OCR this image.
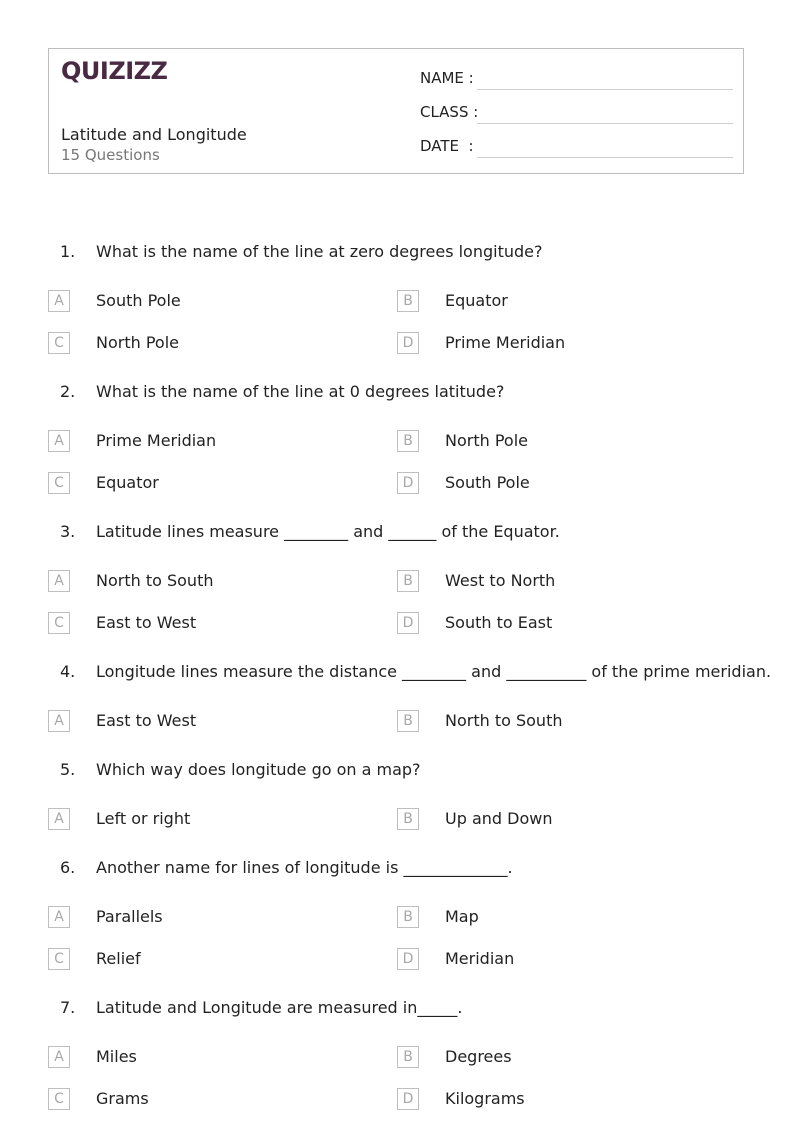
QUIZIZZ
Latitude and Longitude
15 Questions
NAME :
CLASS :
DATE  :
1. What is the name of the line at zero degrees longitude?
A	South Pole	B	Equator
C	North Pole	D	Prime Meridian
2. What is the name of the line at 0 degrees latitude?
A	Prime Meridian	B	North Pole
C	Equator	D	South Pole
3. Latitude lines measure ________ and ______ of the Equator.
A	North to South	B	West to North
C	East to West	D	South to East
4. Longitude lines measure the distance ________ and __________ of the prime meridian.
A	East to West	B	North to South
5. Which way does longitude go on a map?
A	Left or right	B	Up and Down
6. Another name for lines of longitude is _____________.
A	Parallels	B	Map
C	Relief	D	Meridian
7. Latitude and Longitude are measured in_____.
A	Miles	B	Degrees
C	Grams	D	Kilograms
